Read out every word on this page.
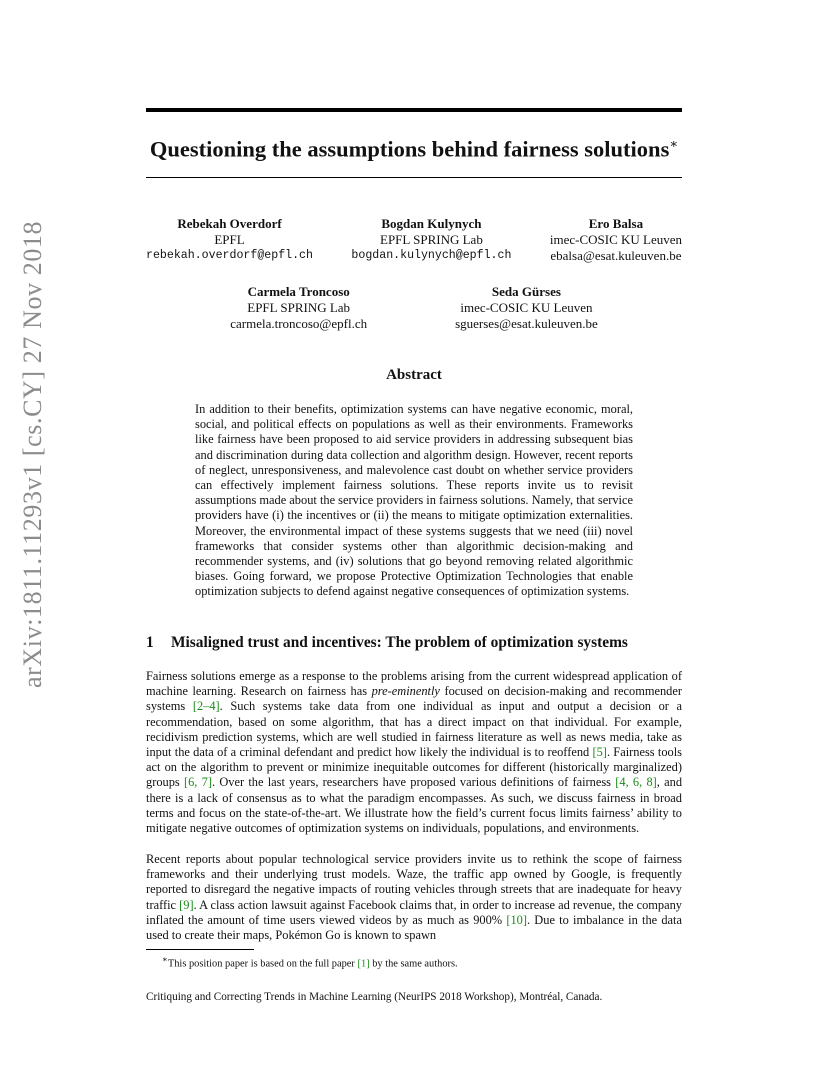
arXiv:1811.11293v1 [cs.CY] 27 Nov 2018
Questioning the assumptions behind fairness solutions∗
Rebekah Overdorf
EPFL
rebekah.overdorf@epfl.ch
Bogdan Kulynych
EPFL SPRING Lab
bogdan.kulynych@epfl.ch
Ero Balsa
imec-COSIC KU Leuven
ebalsa@esat.kuleuven.be
Carmela Troncoso
EPFL SPRING Lab
carmela.troncoso@epfl.ch
Seda Gürses
imec-COSIC KU Leuven
sguerses@esat.kuleuven.be
Abstract
In addition to their benefits, optimization systems can have negative economic, moral, social, and political effects on populations as well as their environments. Frameworks like fairness have been proposed to aid service providers in addressing subsequent bias and discrimination during data collection and algorithm design. However, recent reports of neglect, unresponsiveness, and malevolence cast doubt on whether service providers can effectively implement fairness solutions. These reports invite us to revisit assumptions made about the service providers in fairness solutions. Namely, that service providers have (i) the incentives or (ii) the means to mitigate optimization externalities. Moreover, the environmental impact of these systems suggests that we need (iii) novel frameworks that consider systems other than algorithmic decision-making and recommender systems, and (iv) solutions that go beyond removing related algorithmic biases. Going forward, we propose Protective Optimization Technologies that enable optimization subjects to defend against negative consequences of optimization systems.
1 Misaligned trust and incentives: The problem of optimization systems
Fairness solutions emerge as a response to the problems arising from the current widespread application of machine learning. Research on fairness has pre-eminently focused on decision-making and recommender systems [2–4]. Such systems take data from one individual as input and output a decision or a recommendation, based on some algorithm, that has a direct impact on that individual. For example, recidivism prediction systems, which are well studied in fairness literature as well as news media, take as input the data of a criminal defendant and predict how likely the individual is to reoffend [5]. Fairness tools act on the algorithm to prevent or minimize inequitable outcomes for different (historically marginalized) groups [6, 7]. Over the last years, researchers have proposed various definitions of fairness [4, 6, 8], and there is a lack of consensus as to what the paradigm encompasses. As such, we discuss fairness in broad terms and focus on the state-of-the-art. We illustrate how the field’s current focus limits fairness’ ability to mitigate negative outcomes of optimization systems on individuals, populations, and environments.
Recent reports about popular technological service providers invite us to rethink the scope of fairness frameworks and their underlying trust models. Waze, the traffic app owned by Google, is frequently reported to disregard the negative impacts of routing vehicles through streets that are inadequate for heavy traffic [9]. A class action lawsuit against Facebook claims that, in order to increase ad revenue, the company inflated the amount of time users viewed videos by as much as 900% [10]. Due to imbalance in the data used to create their maps, Pokémon Go is known to spawn
∗This position paper is based on the full paper [1] by the same authors.
Critiquing and Correcting Trends in Machine Learning (NeurIPS 2018 Workshop), Montréal, Canada.
